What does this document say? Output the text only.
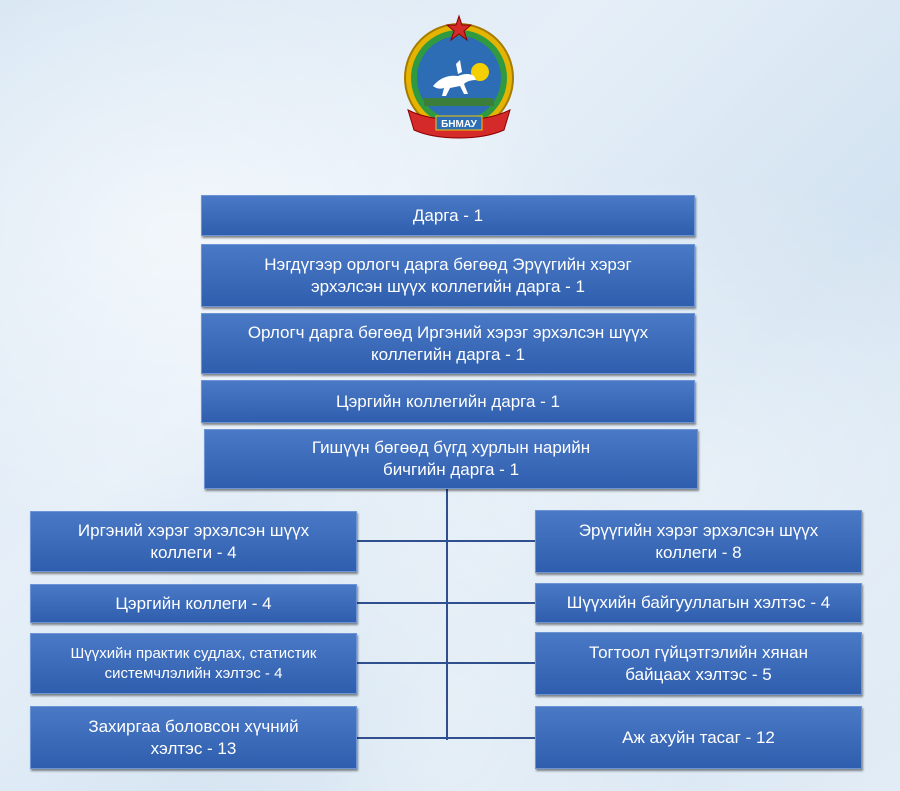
БНМАУ
Дарга - 1
Нэгдүгээр орлогч дарга бөгөөд Эрүүгийн хэрэг
эрхэлсэн шүүх коллегийн дарга - 1
Орлогч дарга бөгөөд Иргэний хэрэг эрхэлсэн шүүх
коллегийн дарга - 1
Цэргийн коллегийн дарга - 1
Гишүүн бөгөөд бүгд хурлын нарийн
бичгийн дарга - 1
Иргэний хэрэг эрхэлсэн шүүх
коллеги - 4
Цэргийн коллеги - 4
Шүүхийн практик судлах, статистик
системчлэлийн хэлтэс - 4
Захиргаа боловсон хүчний
хэлтэс - 13
Эрүүгийн хэрэг эрхэлсэн шүүх
коллеги - 8
Шүүхийн байгууллагын хэлтэс - 4
Тогтоол гүйцэтгэлийн хянан
байцаах хэлтэс - 5
Аж ахуйн тасаг - 12
